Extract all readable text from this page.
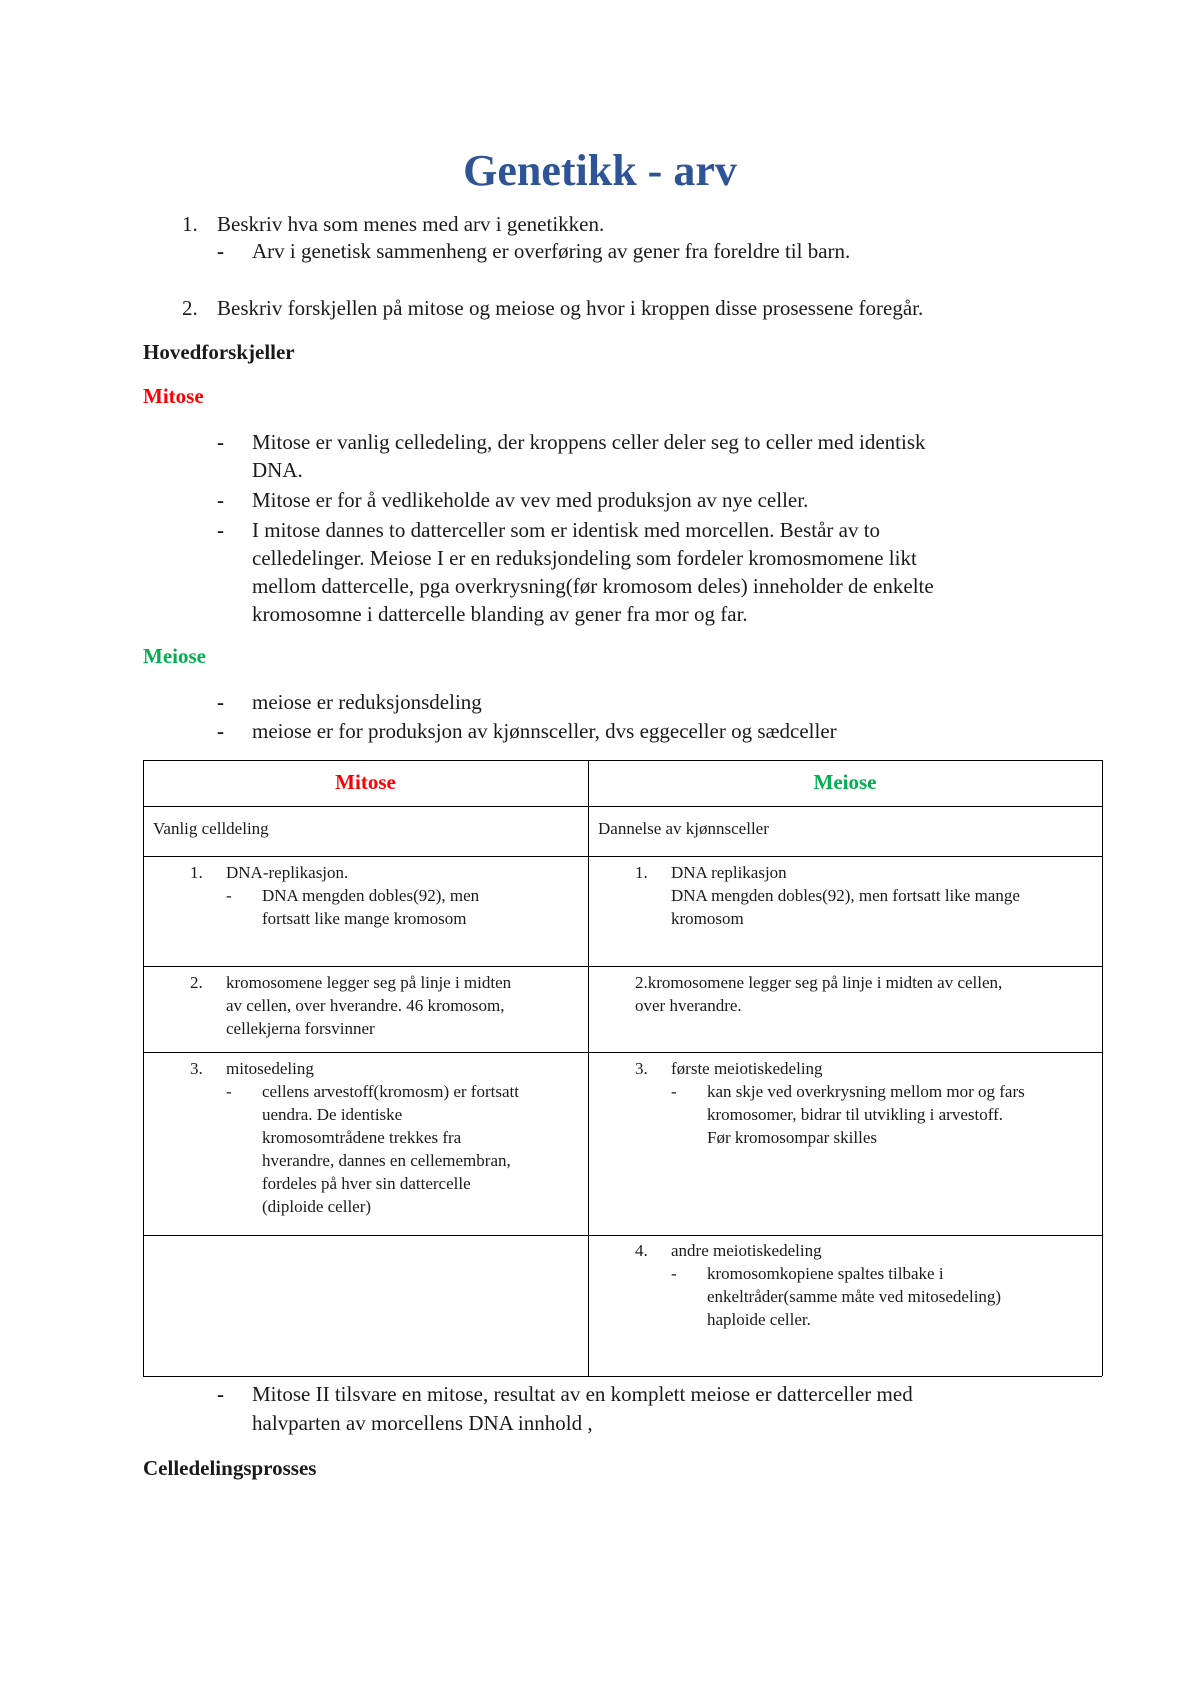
Genetikk - arv
1. Beskriv hva som menes med arv i genetikken.
- Arv i genetisk sammenheng er overføring av gener fra foreldre til barn.
2. Beskriv forskjellen på mitose og meiose og hvor i kroppen disse prosessene foregår.
Hovedforskjeller
Mitose
- Mitose er vanlig celledeling, der kroppens celler deler seg to celler med identisk
DNA.
- Mitose er for å vedlikeholde av vev med produksjon av nye celler.
- I mitose dannes to datterceller som er identisk med morcellen. Består av to
celledelinger. Meiose I er en reduksjondeling som fordeler kromosmomene likt
mellom dattercelle, pga overkrysning(før kromosom deles) inneholder de enkelte
kromosomne i dattercelle blanding av gener fra mor og far.
Meiose
- meiose er reduksjonsdeling
- meiose er for produksjon av kjønnsceller, dvs eggeceller og sædceller
Mitose	Meiose
Vanlig celldeling	Dannelse av kjønnsceller
1. DNA-replikasjon.
- DNA mengden dobles(92), men
fortsatt like mange kromosom
1. DNA replikasjon
DNA mengden dobles(92), men fortsatt like mange
kromosom
2. kromosomene legger seg på linje i midten
av cellen, over hverandre. 46 kromosom,
cellekjerna forsvinner
2.kromosomene legger seg på linje i midten av cellen,
over hverandre.
3. mitosedeling
- cellens arvestoff(kromosm) er fortsatt
uendra. De identiske
kromosomtrådene trekkes fra
hverandre, dannes en cellemembran,
fordeles på hver sin dattercelle
(diploide celler)
3. første meiotiskedeling
- kan skje ved overkrysning mellom mor og fars
kromosomer, bidrar til utvikling i arvestoff.
Før kromosompar skilles
4. andre meiotiskedeling
- kromosomkopiene spaltes tilbake i
enkeltråder(samme måte ved mitosedeling)
haploide celler.
- Mitose II tilsvare en mitose, resultat av en komplett meiose er datterceller med
halvparten av morcellens DNA innhold ,
Celledelingsprosses
